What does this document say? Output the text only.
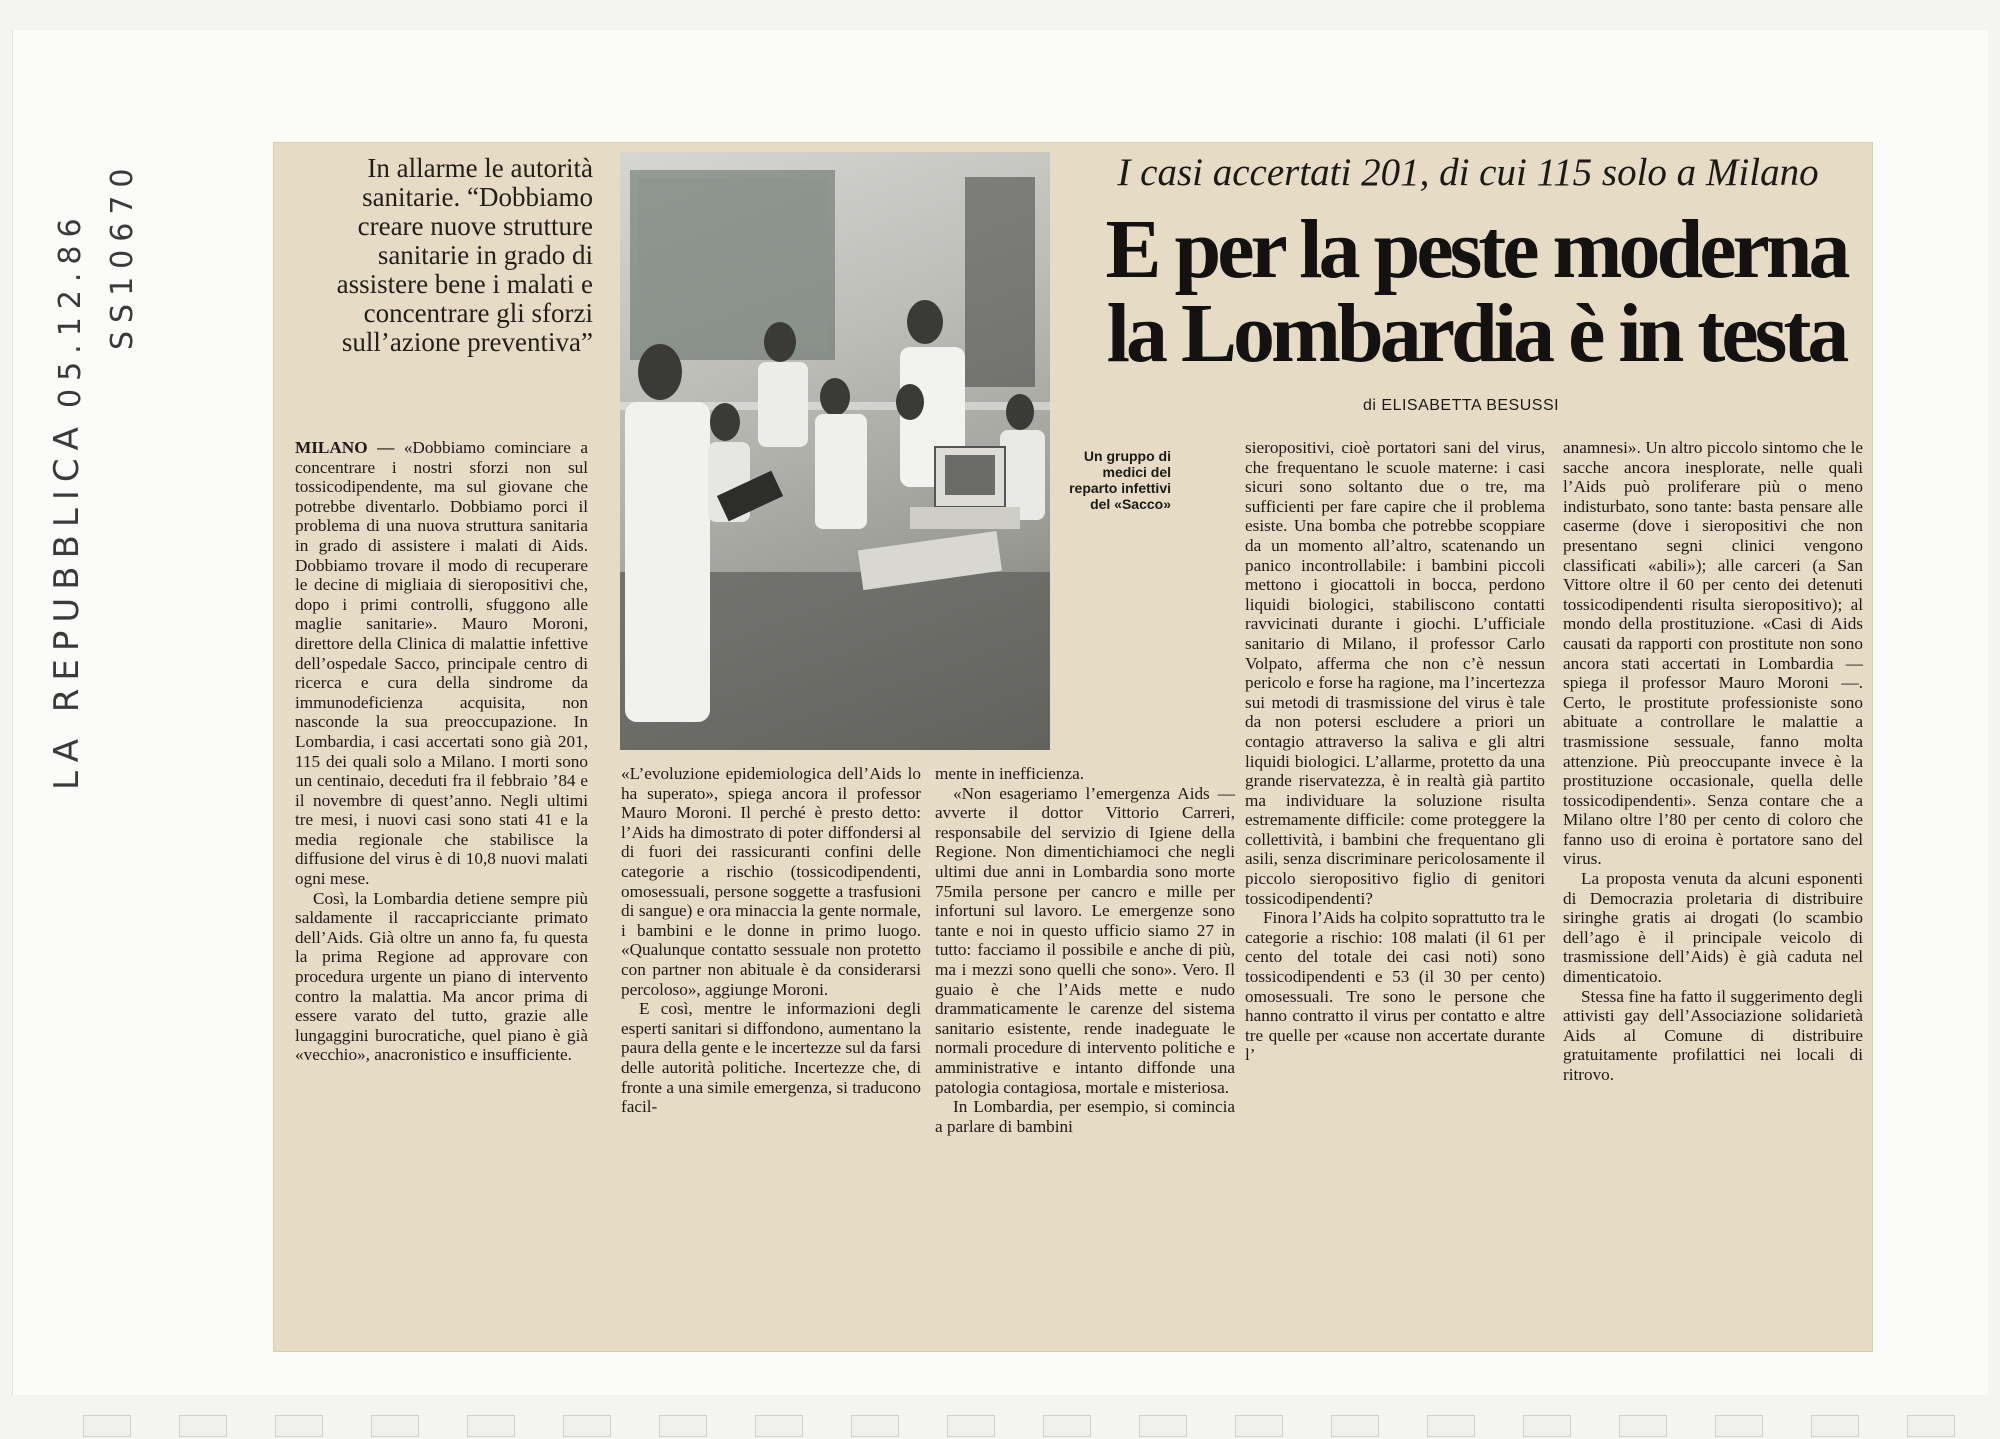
LA REPUBBLICA
05.12.86 SS10670	In allarme le autorità sanitarie. “Dobbiamo creare nuove strutture sanitarie in grado di assistere bene i malati e concentrare gli sforzi sull’azione preventiva”
Un gruppo di medici del reparto infettivi del «Sacco»
I casi accertati 201, di cui 115 solo a Milano
E per la peste moderna
la Lombardia è in testa
di ELISABETTA BESUSSI

MILANO — «Dobbiamo cominciare a concentrare i nostri sforzi non sul tossicodipendente, ma sul giovane che potrebbe diventarlo. Dobbiamo porci il problema di una nuova struttura sanitaria in grado di assistere i malati di Aids. Dobbiamo trovare il modo di recuperare le decine di migliaia di sieropositivi che, dopo i primi controlli, sfuggono alle maglie sanitarie». Mauro Moroni, direttore della Clinica di malattie infettive dell’ospedale Sacco, principale centro di ricerca e cura della sindrome da immunodeficienza acquisita, non nasconde la sua preoccupazione. In Lombardia, i casi accertati sono già 201, 115 dei quali solo a Milano. I morti sono un centinaio, deceduti fra il febbraio ’84 e il novembre di quest’anno. Negli ultimi tre mesi, i nuovi casi sono stati 41 e la media regionale che stabilisce la diffusione del virus è di 10,8 nuovi malati ogni mese.

Così, la Lombardia detiene sempre più saldamente il raccapricciante primato dell’Aids. Già oltre un anno fa, fu questa la prima Regione ad approvare con procedura urgente un piano di intervento contro la malattia. Ma ancor prima di essere varato del tutto, grazie alle lungaggini burocratiche, quel piano è già «vecchio», anacronistico e insufficiente.

«L’evoluzione epidemiologica dell’Aids lo ha superato», spiega ancora il professor Mauro Moroni. Il perché è presto detto: l’Aids ha dimostrato di poter diffondersi al di fuori dei rassicuranti confini delle categorie a rischio (tossicodipendenti, omosessuali, persone soggette a trasfusioni di sangue) e ora minaccia la gente normale, i bambini e le donne in primo luogo. «Qualunque contatto sessuale non protetto con partner non abituale è da considerarsi percoloso», aggiunge Moroni.

E così, mentre le informazioni degli esperti sanitari si diffondono, aumentano la paura della gente e le incertezze sul da farsi delle autorità politiche. Incertezze che, di fronte a una simile emergenza, si traducono facil-

mente in inefficienza.

«Non esageriamo l’emergenza Aids — avverte il dottor Vittorio Carreri, responsabile del servizio di Igiene della Regione. Non dimentichiamoci che negli ultimi due anni in Lombardia sono morte 75mila persone per cancro e mille per infortuni sul lavoro. Le emergenze sono tante e noi in questo ufficio siamo 27 in tutto: facciamo il possibile e anche di più, ma i mezzi sono quelli che sono». Vero. Il guaio è che l’Aids mette e nudo drammaticamente le carenze del sistema sanitario esistente, rende inadeguate le normali procedure di intervento politiche e amministrative e intanto diffonde una patologia contagiosa, mortale e misteriosa.

In Lombardia, per esempio, si comincia a parlare di bambini

sieropositivi, cioè portatori sani del virus, che frequentano le scuole materne: i casi sicuri sono soltanto due o tre, ma sufficienti per fare capire che il problema esiste. Una bomba che potrebbe scoppiare da un momento all’altro, scatenando un panico incontrollabile: i bambini piccoli mettono i giocattoli in bocca, perdono liquidi biologici, stabiliscono contatti ravvicinati durante i giochi. L’ufficiale sanitario di Milano, il professor Carlo Volpato, afferma che non c’è nessun pericolo e forse ha ragione, ma l’incertezza sui metodi di trasmissione del virus è tale da non potersi escludere a priori un contagio attraverso la saliva e gli altri liquidi biologici. L’allarme, protetto da una grande riservatezza, è in realtà già partito ma individuare la soluzione risulta estremamente difficile: come proteggere la collettività, i bambini che frequentano gli asili, senza discriminare pericolosamente il piccolo sieropositivo figlio di genitori tossicodipendenti?

Finora l’Aids ha colpito soprattutto tra le categorie a rischio: 108 malati (il 61 per cento del totale dei casi noti) sono tossicodipendenti e 53 (il 30 per cento) omosessuali. Tre sono le persone che hanno contratto il virus per contatto e altre tre quelle per «cause non accertate durante l’

anamnesi». Un altro piccolo sintomo che le sacche ancora inesplorate, nelle quali l’Aids può proliferare più o meno indisturbato, sono tante: basta pensare alle caserme (dove i sieropositivi che non presentano segni clinici vengono classificati «abili»); alle carceri (a San Vittore oltre il 60 per cento dei detenuti tossicodipendenti risulta sieropositivo); al mondo della prostituzione. «Casi di Aids causati da rapporti con prostitute non sono ancora stati accertati in Lombardia — spiega il professor Mauro Moroni —. Certo, le prostitute professioniste sono abituate a controllare le malattie a trasmissione sessuale, fanno molta attenzione. Più preoccupante invece è la prostituzione occasionale, quella delle tossicodipendenti». Senza contare che a Milano oltre l’80 per cento di coloro che fanno uso di eroina è portatore sano del virus.

La proposta venuta da alcuni esponenti di Democrazia proletaria di distribuire siringhe gratis ai drogati (lo scambio dell’ago è il principale veicolo di trasmissione dell’Aids) è già caduta nel dimenticatoio.

Stessa fine ha fatto il suggerimento degli attivisti gay dell’Associazione solidarietà Aids al Comune di distribuire gratuitamente profilattici nei locali di ritrovo.
